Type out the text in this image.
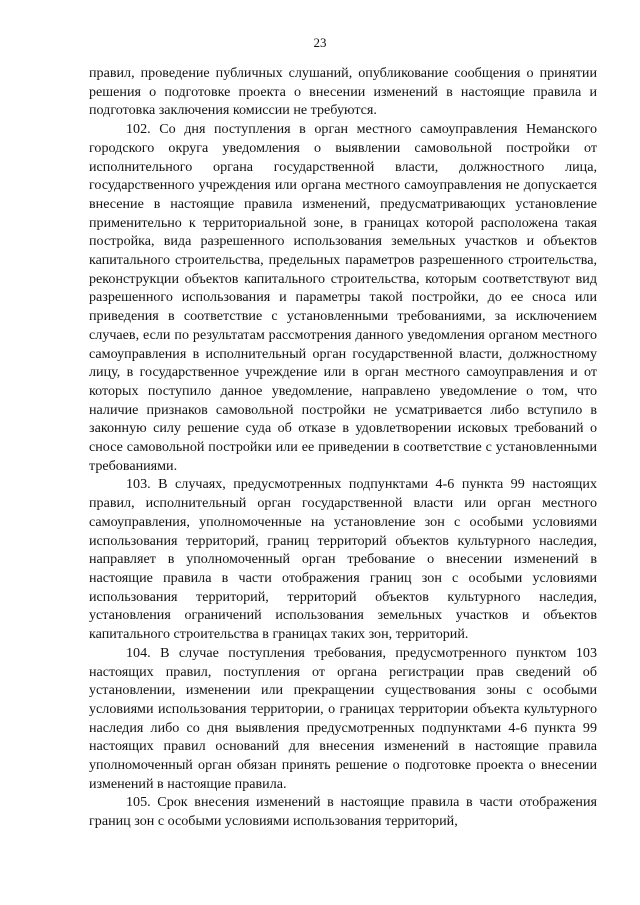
23

правил, проведение публичных слушаний, опубликование сообщения о принятии решения о подготовке проекта о внесении изменений в настоящие правила и подготовка заключения комиссии не требуются.

102. Со дня поступления в орган местного самоуправления Неманского городского округа уведомления о выявлении самовольной постройки от исполнительного органа государственной власти, должностного лица, государственного учреждения или органа местного самоуправления не допускается внесение в настоящие правила изменений, предусматривающих установление применительно к территориальной зоне, в границах которой расположена такая постройка, вида разрешенного использования земельных участков и объектов капитального строительства, предельных параметров разрешенного строительства, реконструкции объектов капитального строительства, которым соответствуют вид разрешенного использования и параметры такой постройки, до ее сноса или приведения в соответствие с установленными требованиями, за исключением случаев, если по результатам рассмотрения данного уведомления органом местного самоуправления в исполнительный орган государственной власти, должностному лицу, в государственное учреждение или в орган местного самоуправления и от которых поступило данное уведомление, направлено уведомление о том, что наличие признаков самовольной постройки не усматривается либо вступило в законную силу решение суда об отказе в удовлетворении исковых требований о сносе самовольной постройки или ее приведении в соответствие с установленными требованиями.

103. В случаях, предусмотренных подпунктами 4-6 пункта 99 настоящих правил, исполнительный орган государственной власти или орган местного самоуправления, уполномоченные на установление зон с особыми условиями использования территорий, границ территорий объектов культурного наследия, направляет в уполномоченный орган требование о внесении изменений в настоящие правила в части отображения границ зон с особыми условиями использования территорий, территорий объектов культурного наследия, установления ограничений использования земельных участков и объектов капитального строительства в границах таких зон, территорий.

104. В случае поступления требования, предусмотренного пунктом 103 настоящих правил, поступления от органа регистрации прав сведений об установлении, изменении или прекращении существования зоны с особыми условиями использования территории, о границах территории объекта культурного наследия либо со дня выявления предусмотренных подпунктами 4-6 пункта 99 настоящих правил оснований для внесения изменений в настоящие правила уполномоченный орган обязан принять решение о подготовке проекта о внесении изменений в настоящие правила.

105. Срок внесения изменений в настоящие правила в части отображения границ зон с особыми условиями использования территорий,
